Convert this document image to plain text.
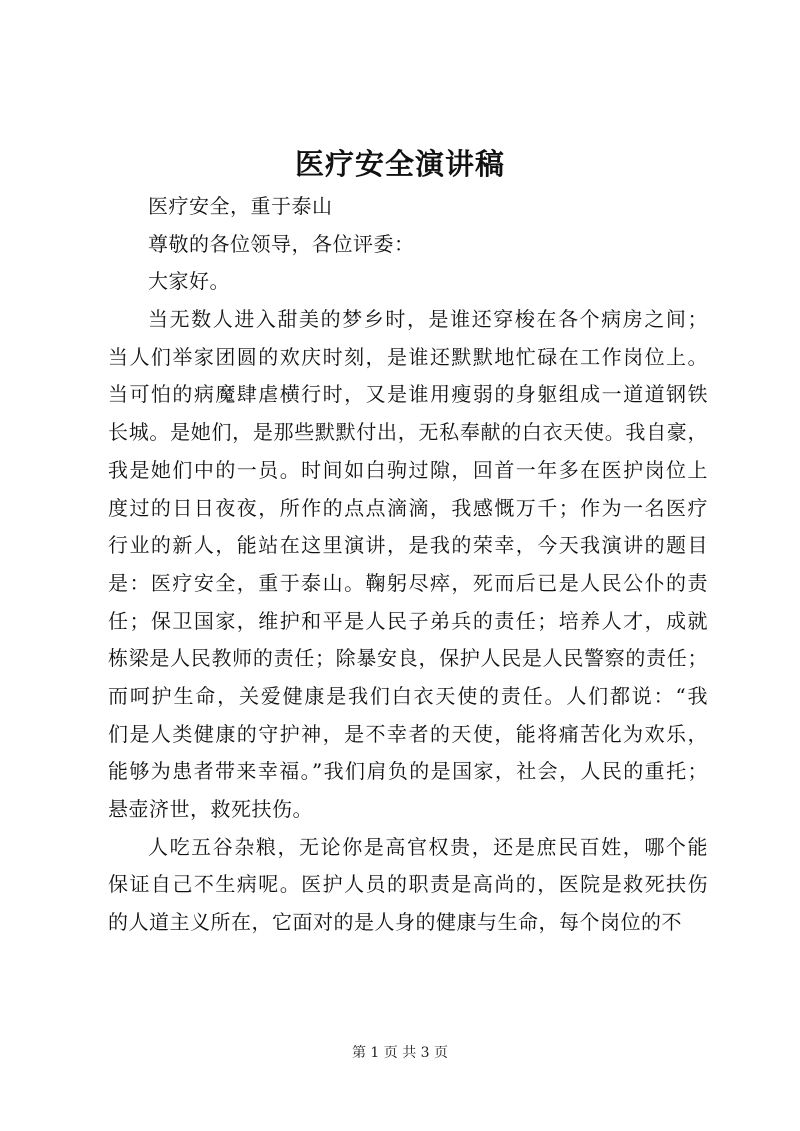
医疗安全演讲稿
医疗安全，重于泰山
尊敬的各位领导，各位评委：
大家好。
当无数人进入甜美的梦乡时，是谁还穿梭在各个病房之间；
当人们举家团圆的欢庆时刻，是谁还默默地忙碌在工作岗位上。
当可怕的病魔肆虐横行时，又是谁用瘦弱的身躯组成一道道钢铁
长城。是她们，是那些默默付出，无私奉献的白衣天使。我自豪，
我是她们中的一员。时间如白驹过隙，回首一年多在医护岗位上
度过的日日夜夜，所作的点点滴滴，我感慨万千；作为一名医疗
行业的新人，能站在这里演讲，是我的荣幸，今天我演讲的题目
是：医疗安全，重于泰山。鞠躬尽瘁，死而后已是人民公仆的责
任；保卫国家，维护和平是人民子弟兵的责任；培养人才，成就
栋梁是人民教师的责任；除暴安良，保护人民是人民警察的责任；
而呵护生命，关爱健康是我们白衣天使的责任。人们都说：“我
们是人类健康的守护神，是不幸者的天使，能将痛苦化为欢乐，
能够为患者带来幸福。”我们肩负的是国家，社会，人民的重托；
悬壶济世，救死扶伤。
人吃五谷杂粮，无论你是高官权贵，还是庶民百姓，哪个能
保证自己不生病呢。医护人员的职责是高尚的，医院是救死扶伤
的人道主义所在，它面对的是人身的健康与生命，每个岗位的不
第 1 页 共 3 页
